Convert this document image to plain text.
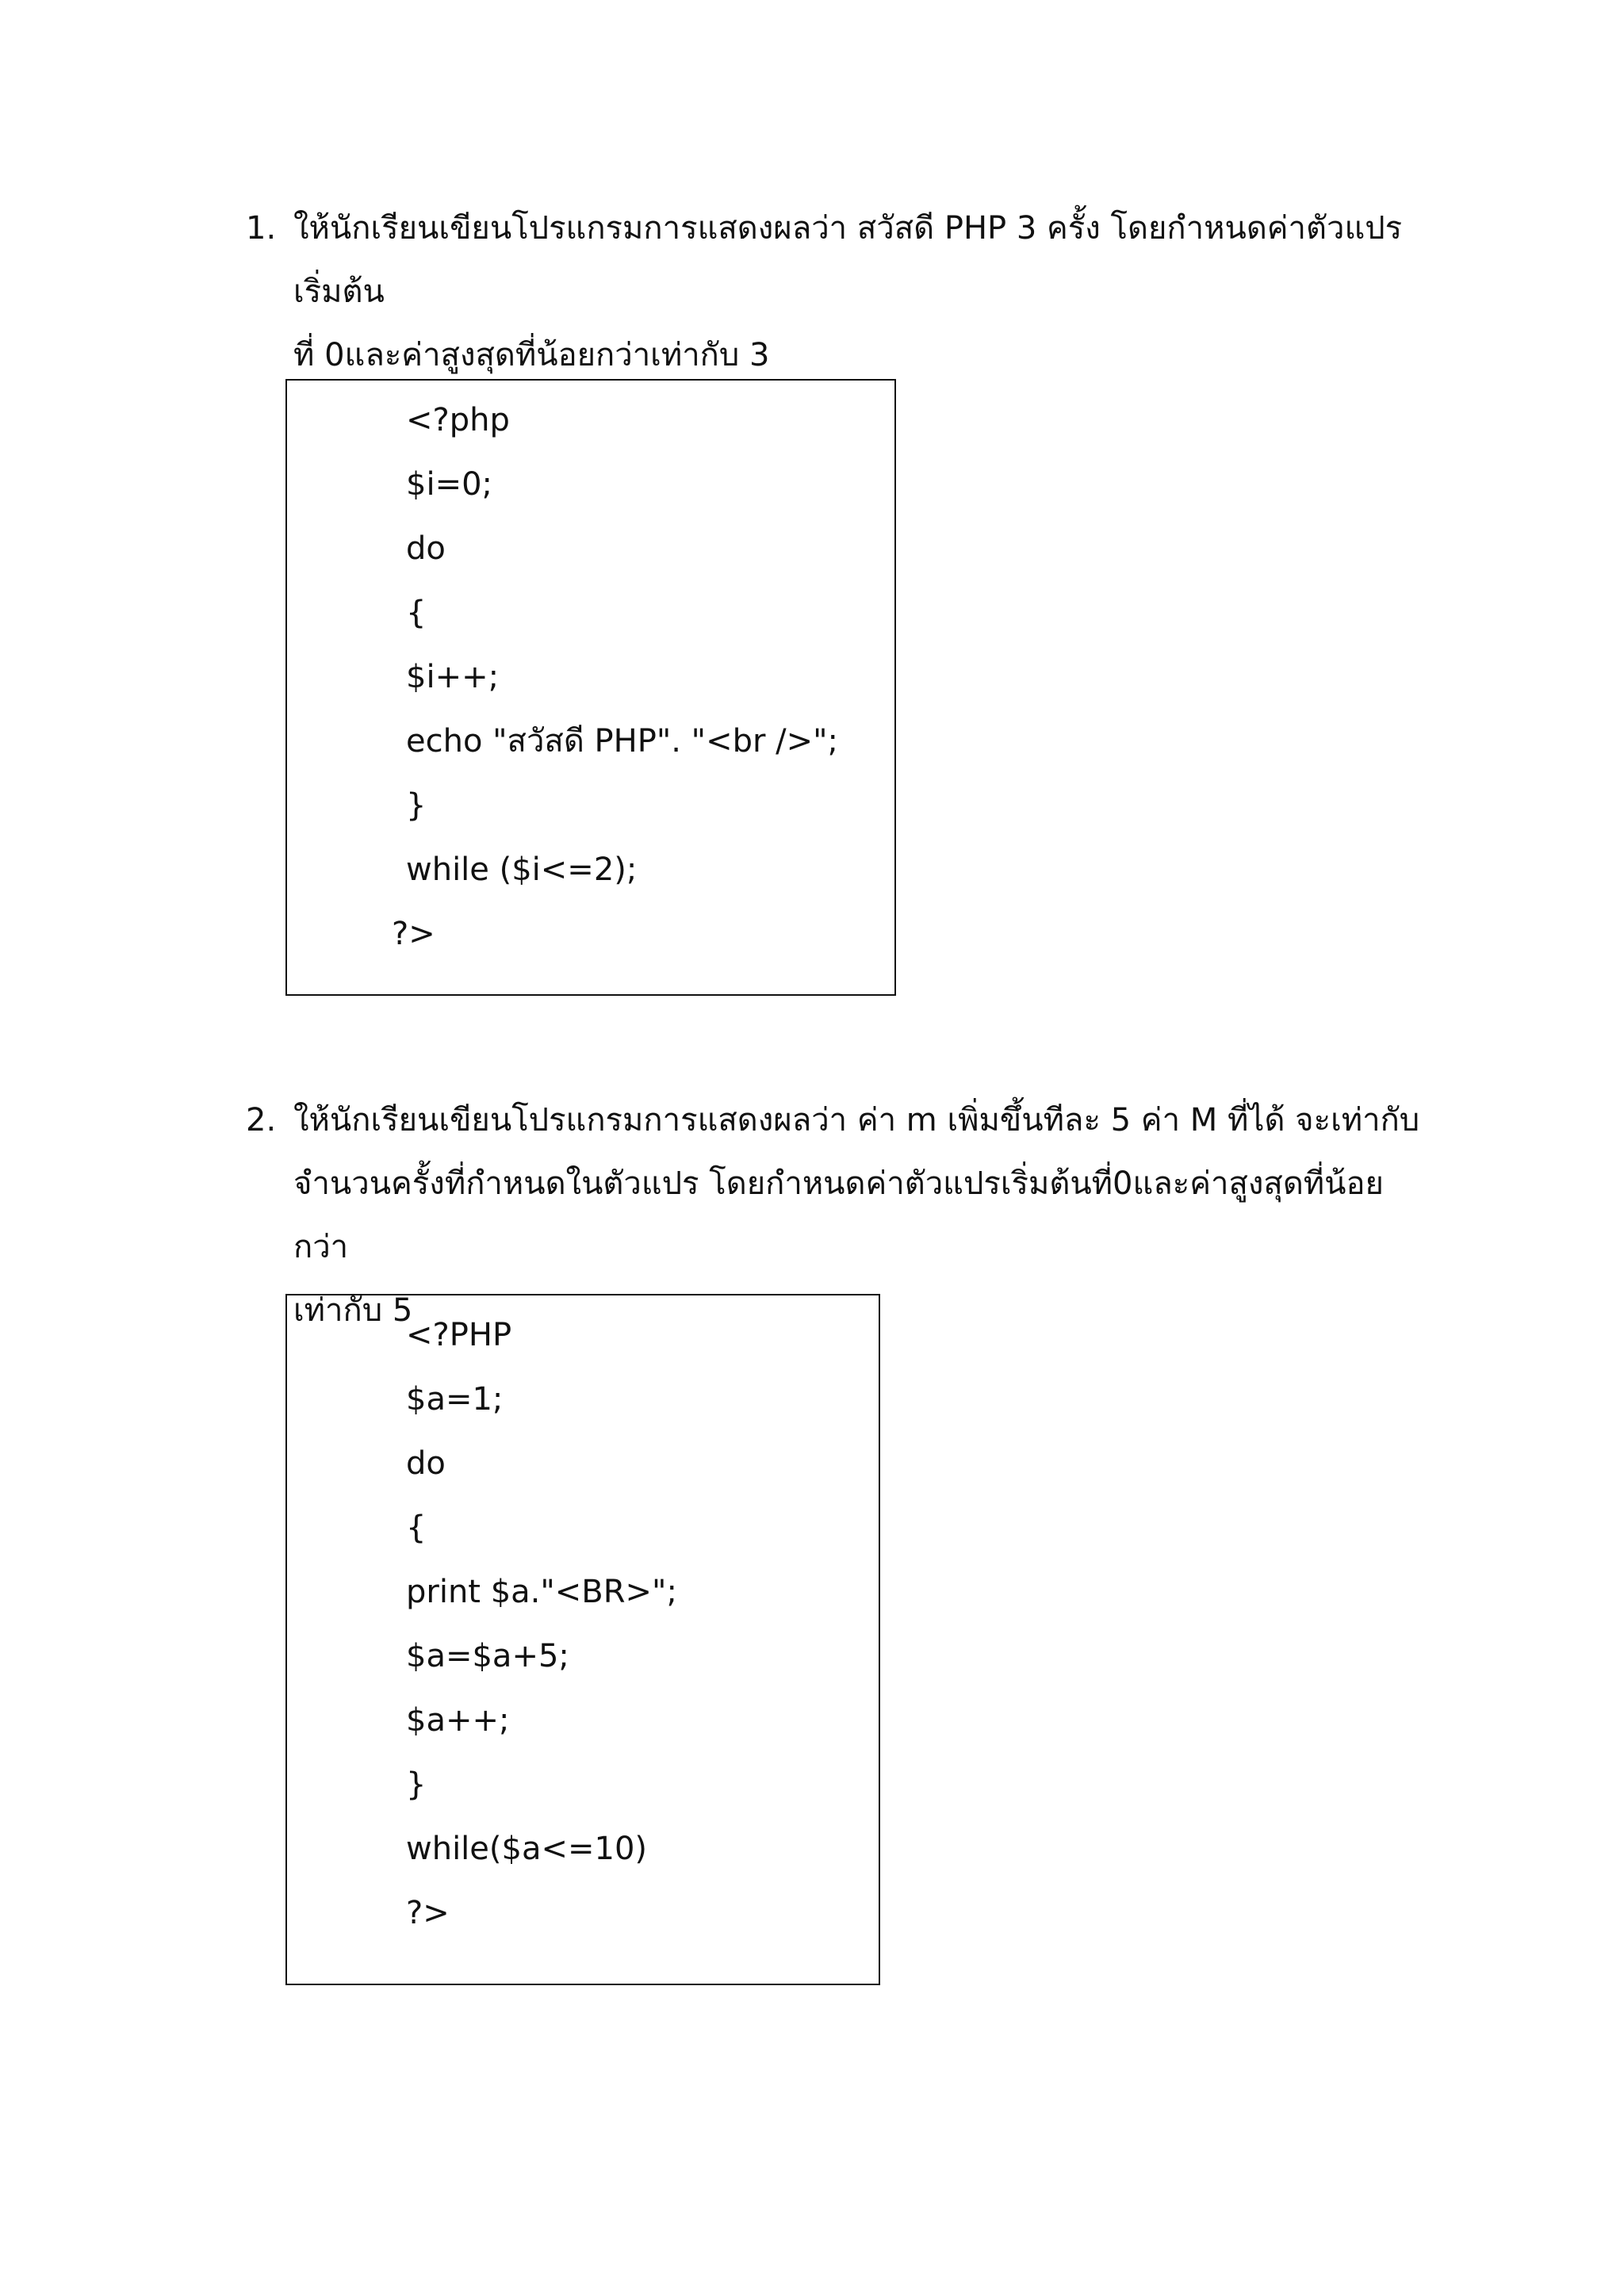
1. ให้นักเรียนเขียนโปรแกรมการแสดงผลว่า สวัสดี PHP 3 ครั้ง โดยกำหนดค่าตัวแปรเริ่มต้น
ที่ 0และค่าสูงสุดที่น้อยกว่าเท่ากับ 3
<?php
$i=0;
do
{
$i++;
echo "สวัสดี PHP". "<br />";
}
while ($i<=2);
?>
2. ให้นักเรียนเขียนโปรแกรมการแสดงผลว่า ค่า m เพิ่มขึ้นทีละ 5 ค่า M ที่ได้ จะเท่ากับ
จำนวนครั้งที่กำหนดในตัวแปร โดยกำหนดค่าตัวแปรเริ่มต้นที่0และค่าสูงสุดที่น้อยกว่า
เท่ากับ 5
<?PHP
$a=1;
do
{
print $a."<BR>";
$a=$a+5;
$a++;
}
while($a<=10)
?>
